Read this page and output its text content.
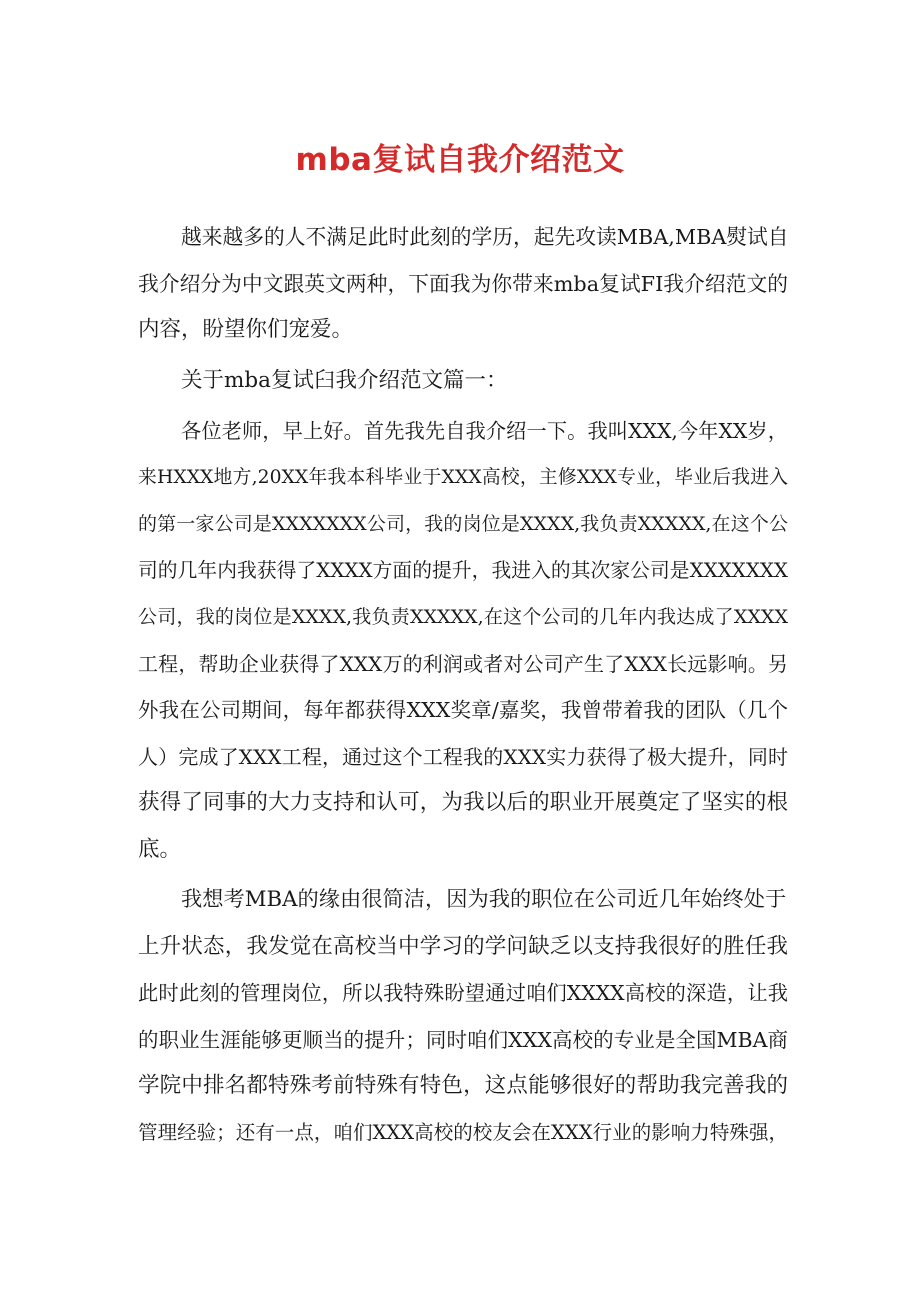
mba复试自我介绍范文
越来越多的人不满足此时此刻的学历，起先攻读MBA,MBA熨试自
我介绍分为中文跟英文两种，下面我为你带来mba复试FI我介绍范文的
内容，盼望你们宠爱。
关于mba复试臼我介绍范文篇一：
各位老师，早上好。首先我先自我介绍一下。我叫XXX,今年XX岁，
来HXXX地方,20XX年我本科毕业于XXX高校，主修XXX专业，毕业后我进入
的第一家公司是XXXXXXX公司，我的岗位是XXXX,我负责XXXXX,在这个公
司的几年内我获得了XXXX方面的提升，我进入的其次家公司是XXXXXXX
公司，我的岗位是XXXX,我负责XXXXX,在这个公司的几年内我达成了XXXX
工程，帮助企业获得了XXX万的利润或者对公司产生了XXX长远影响。另
外我在公司期间，每年都获得XXX奖章/嘉奖，我曾带着我的团队（几个
人）完成了XXX工程，通过这个工程我的XXX实力获得了极大提升，同时
获得了同事的大力支持和认可，为我以后的职业开展奠定了坚实的根
底。
我想考MBA的缘由很简洁，因为我的职位在公司近几年始终处于
上升状态，我发觉在高校当中学习的学问缺乏以支持我很好的胜任我
此时此刻的管理岗位，所以我特殊盼望通过咱们XXXX高校的深造，让我
的职业生涯能够更顺当的提升；同时咱们XXX高校的专业是全国MBA商
学院中排名都特殊考前特殊有特色，这点能够很好的帮助我完善我的
管理经验；还有一点，咱们XXX高校的校友会在XXX行业的影响力特殊强，
